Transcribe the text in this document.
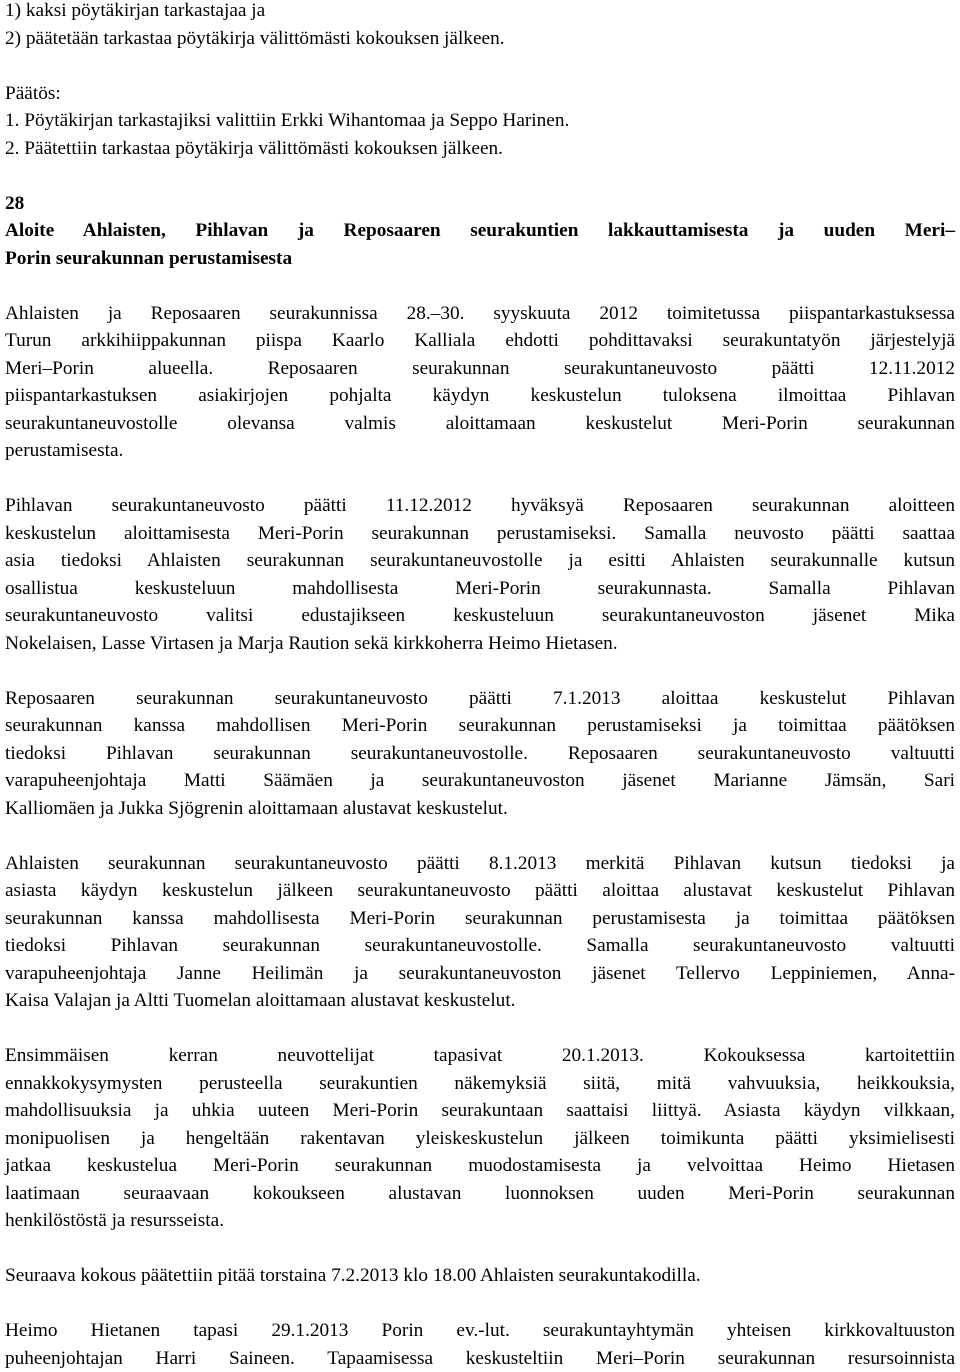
1) kaksi pöytäkirjan tarkastajaa ja
2) päätetään tarkastaa pöytäkirja välittömästi kokouksen jälkeen.
Päätös:
1. Pöytäkirjan tarkastajiksi valittiin Erkki Wihantomaa ja Seppo Harinen.
2. Päätettiin tarkastaa pöytäkirja välittömästi kokouksen jälkeen.
28
Aloite Ahlaisten, Pihlavan ja Reposaaren seurakuntien lakkauttamisesta ja uuden Meri–
Porin seurakunnan perustamisesta
Ahlaisten ja Reposaaren seurakunnissa 28.–30. syyskuuta 2012 toimitetussa piispantarkastuksessa
Turun arkkihiippakunnan piispa Kaarlo Kalliala ehdotti pohdittavaksi seurakuntatyön järjestelyjä
Meri–Porin alueella. Reposaaren seurakunnan seurakuntaneuvosto päätti 12.11.2012
piispantarkastuksen asiakirjojen pohjalta käydyn keskustelun tuloksena ilmoittaa Pihlavan
seurakuntaneuvostolle olevansa valmis aloittamaan keskustelut Meri-Porin seurakunnan
perustamisesta.
Pihlavan seurakuntaneuvosto päätti 11.12.2012 hyväksyä Reposaaren seurakunnan aloitteen
keskustelun aloittamisesta Meri-Porin seurakunnan perustamiseksi. Samalla neuvosto päätti saattaa
asia tiedoksi Ahlaisten seurakunnan seurakuntaneuvostolle ja esitti Ahlaisten seurakunnalle kutsun
osallistua keskusteluun mahdollisesta Meri-Porin seurakunnasta. Samalla Pihlavan
seurakuntaneuvosto valitsi edustajikseen keskusteluun seurakuntaneuvoston jäsenet Mika
Nokelaisen, Lasse Virtasen ja Marja Raution sekä kirkkoherra Heimo Hietasen.
Reposaaren seurakunnan seurakuntaneuvosto päätti 7.1.2013 aloittaa keskustelut Pihlavan
seurakunnan kanssa mahdollisen Meri-Porin seurakunnan perustamiseksi ja toimittaa päätöksen
tiedoksi Pihlavan seurakunnan seurakuntaneuvostolle. Reposaaren seurakuntaneuvosto valtuutti
varapuheenjohtaja Matti Säämäen ja seurakuntaneuvoston jäsenet Marianne Jämsän, Sari
Kalliomäen ja Jukka Sjögrenin aloittamaan alustavat keskustelut.
Ahlaisten seurakunnan seurakuntaneuvosto päätti 8.1.2013 merkitä Pihlavan kutsun tiedoksi ja
asiasta käydyn keskustelun jälkeen seurakuntaneuvosto päätti aloittaa alustavat keskustelut Pihlavan
seurakunnan kanssa mahdollisesta Meri-Porin seurakunnan perustamisesta ja toimittaa päätöksen
tiedoksi Pihlavan seurakunnan seurakuntaneuvostolle. Samalla seurakuntaneuvosto valtuutti
varapuheenjohtaja Janne Heilimän ja seurakuntaneuvoston jäsenet Tellervo Leppiniemen, Anna-
Kaisa Valajan ja Altti Tuomelan aloittamaan alustavat keskustelut.
Ensimmäisen kerran neuvottelijat tapasivat 20.1.2013. Kokouksessa kartoitettiin
ennakkokysymysten perusteella seurakuntien näkemyksiä siitä, mitä vahvuuksia, heikkouksia,
mahdollisuuksia ja uhkia uuteen Meri-Porin seurakuntaan saattaisi liittyä. Asiasta käydyn vilkkaan,
monipuolisen ja hengeltään rakentavan yleiskeskustelun jälkeen toimikunta päätti yksimielisesti
jatkaa keskustelua Meri-Porin seurakunnan muodostamisesta ja velvoittaa Heimo Hietasen
laatimaan seuraavaan kokoukseen alustavan luonnoksen uuden Meri-Porin seurakunnan
henkilöstöstä ja resursseista.
Seuraava kokous päätettiin pitää torstaina 7.2.2013 klo 18.00 Ahlaisten seurakuntakodilla.
Heimo Hietanen tapasi 29.1.2013 Porin ev.-lut. seurakuntayhtymän yhteisen kirkkovaltuuston
puheenjohtajan Harri Saineen. Tapaamisessa keskusteltiin Meri–Porin seurakunnan resursoinnista
